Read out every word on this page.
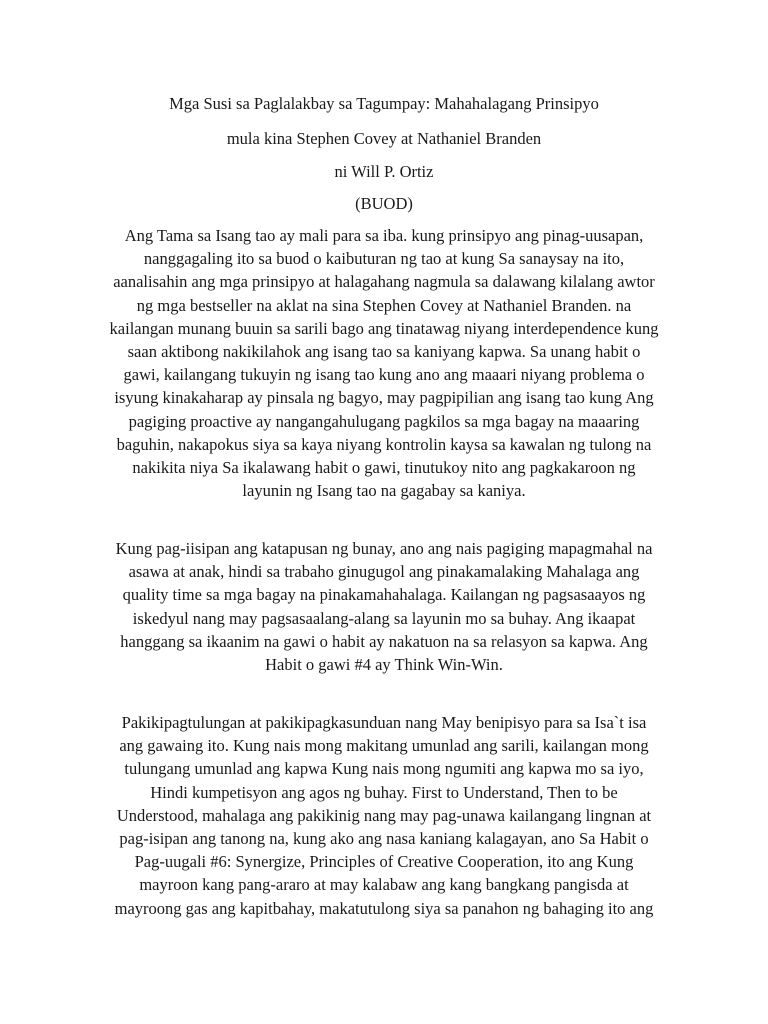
Mga Susi sa Paglalakbay sa Tagumpay: Mahahalagang Prinsipyo
mula kina Stephen Covey at Nathaniel Branden
ni Will P. Ortiz
(BUOD)
Ang Tama sa Isang tao ay mali para sa iba. kung prinsipyo ang pinag-uusapan,
nanggagaling ito sa buod o kaibuturan ng tao at kung Sa sanaysay na ito,
aanalisahin ang mga prinsipyo at halagahang nagmula sa dalawang kilalang awtor
ng mga bestseller na aklat na sina Stephen Covey at Nathaniel Branden. na
kailangan munang buuin sa sarili bago ang tinatawag niyang interdependence kung
saan aktibong nakikilahok ang isang tao sa kaniyang kapwa. Sa unang habit o
gawi, kailangang tukuyin ng isang tao kung ano ang maaari niyang problema o
isyung kinakaharap ay pinsala ng bagyo, may pagpipilian ang isang tao kung Ang
pagiging proactive ay nangangahulugang pagkilos sa mga bagay na maaaring
baguhin, nakapokus siya sa kaya niyang kontrolin kaysa sa kawalan ng tulong na
nakikita niya Sa ikalawang habit o gawi, tinutukoy nito ang pagkakaroon ng
layunin ng Isang tao na gagabay sa kaniya.
Kung pag-iisipan ang katapusan ng bunay, ano ang nais pagiging mapagmahal na
asawa at anak, hindi sa trabaho ginugugol ang pinakamalaking Mahalaga ang
quality time sa mga bagay na pinakamahahalaga. Kailangan ng pagsasaayos ng
iskedyul nang may pagsasaalang-alang sa layunin mo sa buhay. Ang ikaapat
hanggang sa ikaanim na gawi o habit ay nakatuon na sa relasyon sa kapwa. Ang
Habit o gawi #4 ay Think Win-Win.
Pakikipagtulungan at pakikipagkasunduan nang May benipisyo para sa Isa`t isa
ang gawaing ito. Kung nais mong makitang umunlad ang sarili, kailangan mong
tulungang umunlad ang kapwa Kung nais mong ngumiti ang kapwa mo sa iyo,
Hindi kumpetisyon ang agos ng buhay. First to Understand, Then to be
Understood, mahalaga ang pakikinig nang may pag-unawa kailangang lingnan at
pag-isipan ang tanong na, kung ako ang nasa kaniang kalagayan, ano Sa Habit o
Pag-uugali #6: Synergize, Principles of Creative Cooperation, ito ang Kung
mayroon kang pang-araro at may kalabaw ang kang bangkang pangisda at
mayroong gas ang kapitbahay, makatutulong siya sa panahon ng bahaging ito ang
